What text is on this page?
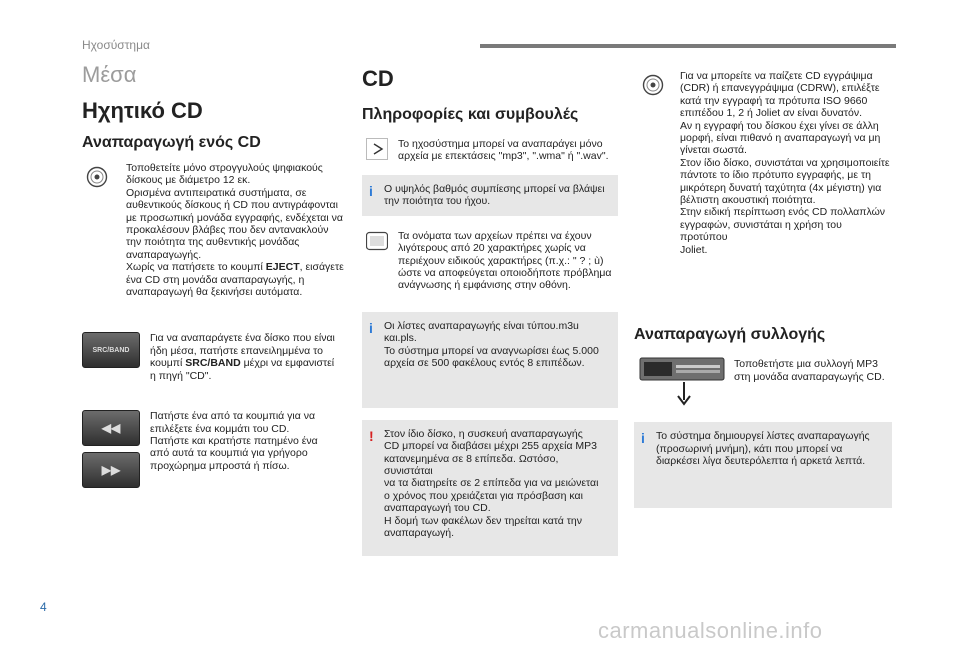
Ηχοσύστημα
Μέσα
Ηχητικό CD
Αναπαραγωγή ενός CD
Τοποθετείτε μόνο στρογγυλούς ψηφιακούς
δίσκους με διάμετρο 12 εκ.
Ορισμένα αντιπειρατικά συστήματα, σε
αυθεντικούς δίσκους ή CD που αντιγράφονται
με προσωπική μονάδα εγγραφής, ενδέχεται να
προκαλέσουν βλάβες που δεν αντανακλούν
την ποιότητα της αυθεντικής μονάδας
αναπαραγωγής.
Χωρίς να πατήσετε το κουμπί EJECT, εισάγετε
ένα CD στη μονάδα αναπαραγωγής, η
αναπαραγωγή θα ξεκινήσει αυτόματα.
SRC/BAND
Για να αναπαράγετε ένα δίσκο που είναι
ήδη μέσα, πατήστε επανειλημμένα το
κουμπί SRC/BAND μέχρι να εμφανιστεί
η πηγή "CD".
◀◀
▶▶
Πατήστε ένα από τα κουμπιά για να
επιλέξετε ένα κομμάτι του CD.
Πατήστε και κρατήστε πατημένο ένα
από αυτά τα κουμπιά για γρήγορο
προχώρημα μπροστά ή πίσω.
CD
Πληροφορίες και συμβουλές
Το ηχοσύστημα μπορεί να αναπαράγει μόνο
αρχεία με επεκτάσεις "mp3", ".wma" ή ".wav".
i Ο υψηλός βαθμός συμπίεσης μπορεί να βλάψει
την ποιότητα του ήχου.
Τα ονόματα των αρχείων πρέπει να έχουν
λιγότερους από 20 χαρακτήρες χωρίς να
περιέχουν ειδικούς χαρακτήρες (π.χ.: " ? ; ù)
ώστε να αποφεύγεται οποιοδήποτε πρόβλημα
ανάγνωσης ή εμφάνισης στην οθόνη.
i Οι λίστες αναπαραγωγής είναι τύπου.m3u και.pls.
Το σύστημα μπορεί να αναγνωρίσει έως 5.000
αρχεία σε 500 φακέλους εντός 8 επιπέδων.
! Στον ίδιο δίσκο, η συσκευή αναπαραγωγής
CD μπορεί να διαβάσει μέχρι 255 αρχεία MP3
κατανεμημένα σε 8 επίπεδα. Ωστόσο, συνιστάται
να τα διατηρείτε σε 2 επίπεδα για να μειώνεται
ο χρόνος που χρειάζεται για πρόσβαση και
αναπαραγωγή του CD.
Η δομή των φακέλων δεν τηρείται κατά την
αναπαραγωγή.
Για να μπορείτε να παίζετε CD εγγράψιμα
(CDR) ή επανεγγράψιμα (CDRW), επιλέξτε
κατά την εγγραφή τα πρότυπα ISO 9660
επιπέδου 1, 2 ή Joliet αν είναι δυνατόν.
Αν η εγγραφή του δίσκου έχει γίνει σε άλλη
μορφή, είναι πιθανό η αναπαραγωγή να μη
γίνεται σωστά.
Στον ίδιο δίσκο, συνιστάται να χρησιμοποιείτε
πάντοτε το ίδιο πρότυπο εγγραφής, με τη
μικρότερη δυνατή ταχύτητα (4x μέγιστη) για
βέλτιστη ακουστική ποιότητα.
Στην ειδική περίπτωση ενός CD πολλαπλών
εγγραφών, συνιστάται η χρήση του προτύπου
Joliet.
Αναπαραγωγή συλλογής
Τοποθετήστε μια συλλογή MP3
στη μονάδα αναπαραγωγής CD.
i Το σύστημα δημιουργεί λίστες αναπαραγωγής
(προσωρινή μνήμη), κάτι που μπορεί να
διαρκέσει λίγα δευτερόλεπτα ή αρκετά λεπτά.
4
carmanualsonline.info
